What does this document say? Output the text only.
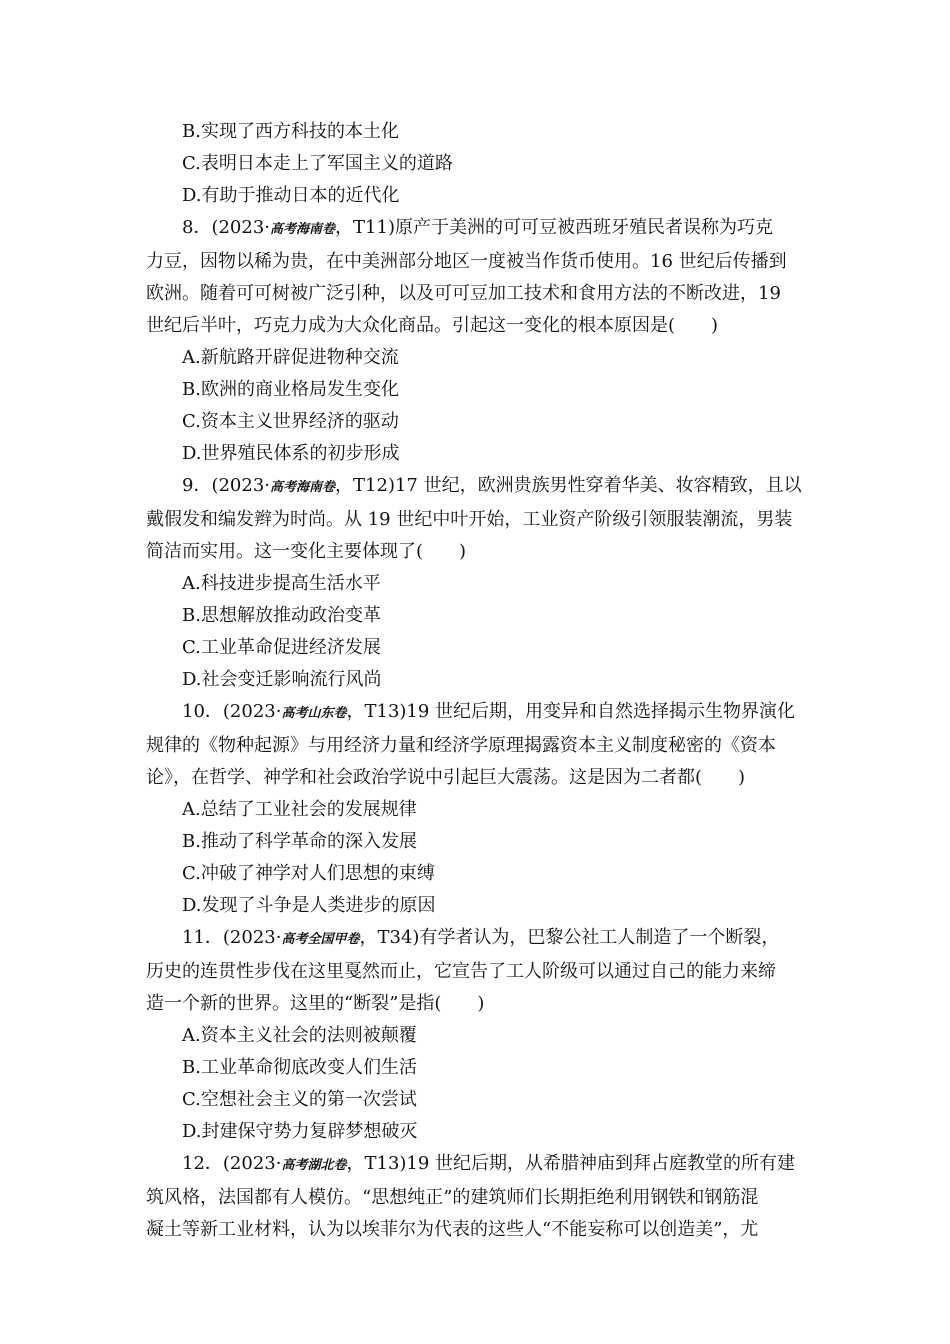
B.实现了西方科技的本土化
C.表明日本走上了军国主义的道路
D.有助于推动日本的近代化
8．(2023·高考海南卷，T11)原产于美洲的可可豆被西班牙殖民者误称为巧克
力豆，因物以稀为贵，在中美洲部分地区一度被当作货币使用。16 世纪后传播到
欧洲。随着可可树被广泛引种，以及可可豆加工技术和食用方法的不断改进，19
世纪后半叶，巧克力成为大众化商品。引起这一变化的根本原因是(　　)
A.新航路开辟促进物种交流
B.欧洲的商业格局发生变化
C.资本主义世界经济的驱动
D.世界殖民体系的初步形成
9．(2023·高考海南卷，T12)17 世纪，欧洲贵族男性穿着华美、妆容精致，且以
戴假发和编发辫为时尚。从 19 世纪中叶开始，工业资产阶级引领服装潮流，男装
简洁而实用。这一变化主要体现了(　　)
A.科技进步提高生活水平
B.思想解放推动政治变革
C.工业革命促进经济发展
D.社会变迁影响流行风尚
10．(2023·高考山东卷，T13)19 世纪后期，用变异和自然选择揭示生物界演化
规律的《物种起源》与用经济力量和经济学原理揭露资本主义制度秘密的《资本
论》，在哲学、神学和社会政治学说中引起巨大震荡。这是因为二者都(　　)
A.总结了工业社会的发展规律
B.推动了科学革命的深入发展
C.冲破了神学对人们思想的束缚
D.发现了斗争是人类进步的原因
11．(2023·高考全国甲卷，T34)有学者认为，巴黎公社工人制造了一个断裂，
历史的连贯性步伐在这里戛然而止，它宣告了工人阶级可以通过自己的能力来缔
造一个新的世界。这里的“断裂”是指(　　)
A.资本主义社会的法则被颠覆
B.工业革命彻底改变人们生活
C.空想社会主义的第一次尝试
D.封建保守势力复辟梦想破灭
12．(2023·高考湖北卷，T13)19 世纪后期，从希腊神庙到拜占庭教堂的所有建
筑风格，法国都有人模仿。“思想纯正”的建筑师们长期拒绝利用钢铁和钢筋混
凝土等新工业材料，认为以埃菲尔为代表的这些人“不能妄称可以创造美”，尤
